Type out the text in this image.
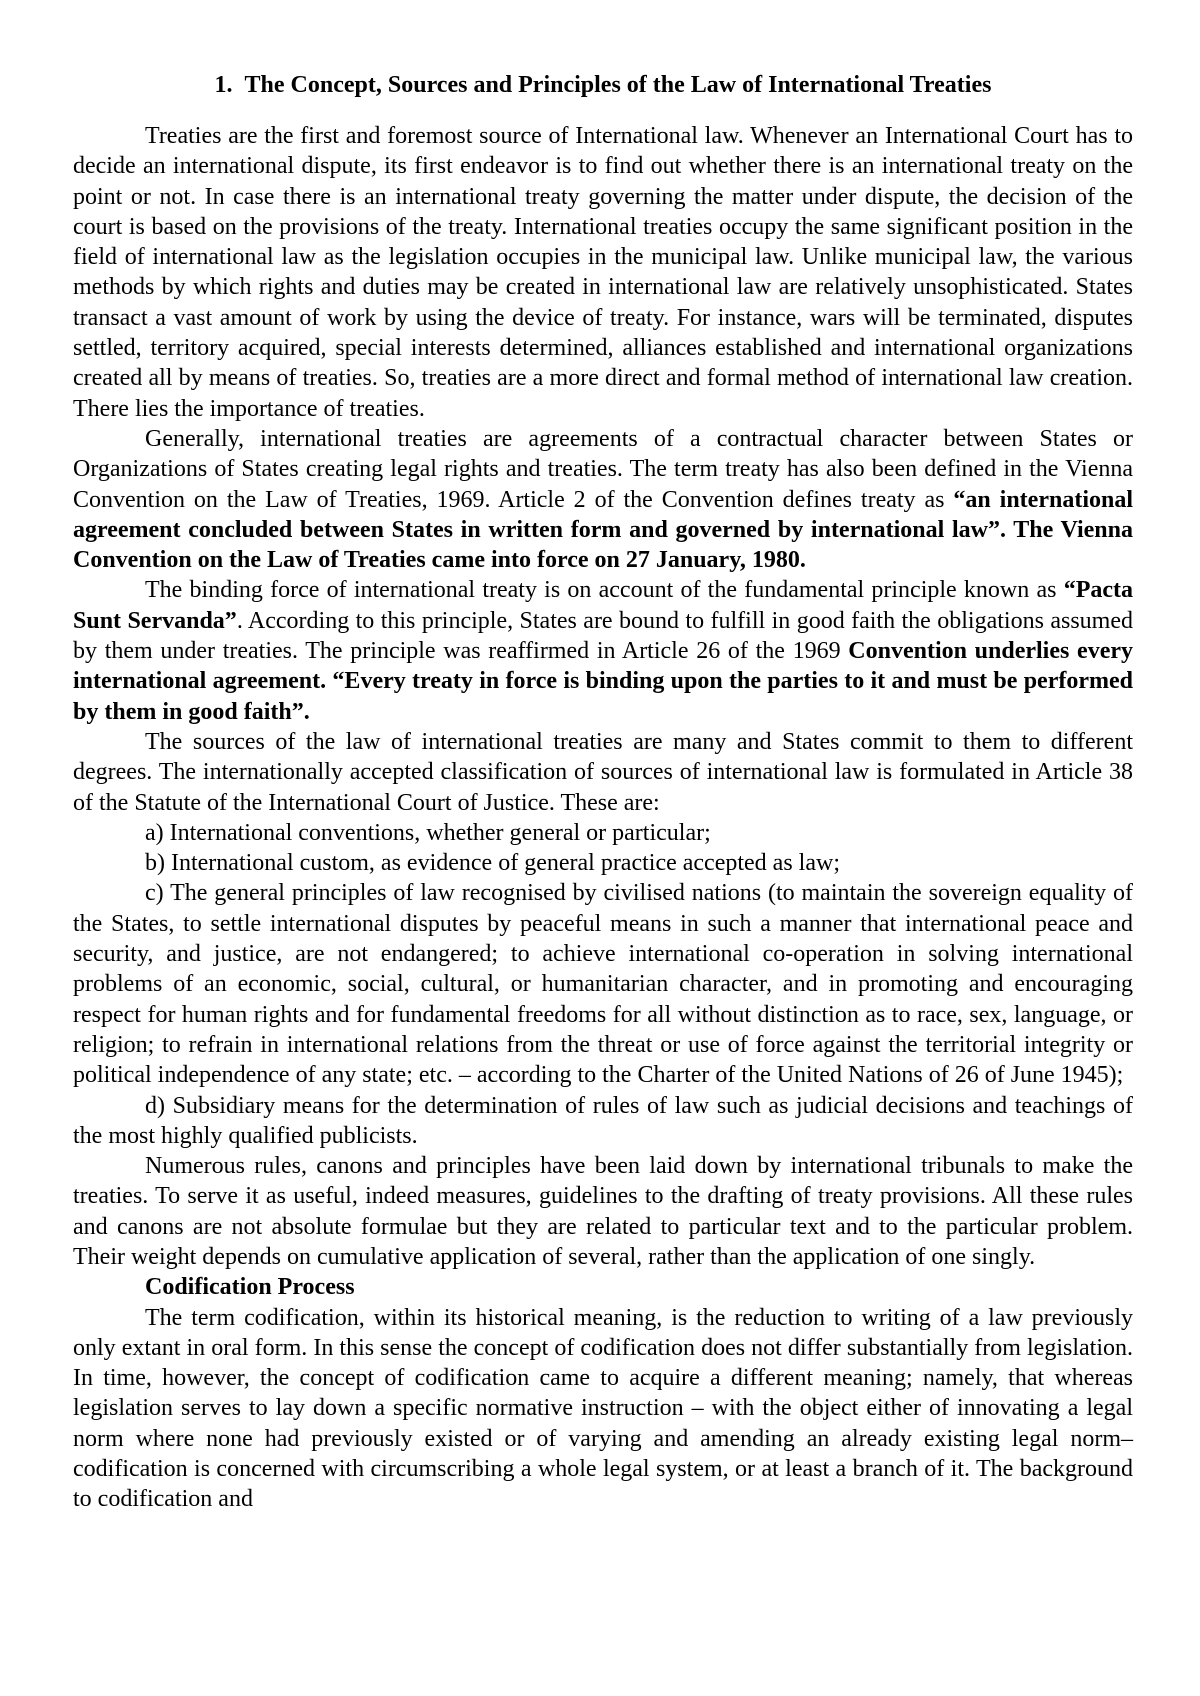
1. The Concept, Sources and Principles of the Law of International Treaties

Treaties are the first and foremost source of International law. Whenever an International Court has to decide an international dispute, its first endeavor is to find out whether there is an international treaty on the point or not. In case there is an international treaty governing the matter under dispute, the decision of the court is based on the provisions of the treaty. International treaties occupy the same significant position in the field of international law as the legislation occupies in the municipal law. Unlike municipal law, the various methods by which rights and duties may be created in international law are relatively unsophisticated. States transact a vast amount of work by using the device of treaty. For instance, wars will be terminated, disputes settled, territory acquired, special interests determined, alliances established and international organizations created all by means of treaties. So, treaties are a more direct and formal method of international law creation. There lies the importance of treaties.

Generally, international treaties are agreements of a contractual character between States or Organizations of States creating legal rights and treaties. The term treaty has also been defined in the Vienna Convention on the Law of Treaties, 1969. Article 2 of the Convention defines treaty as “an international agreement concluded between States in written form and governed by international law”. The Vienna Convention on the Law of Treaties came into force on 27 January, 1980.

The binding force of international treaty is on account of the fundamental principle known as “Pacta Sunt Servanda”. According to this principle, States are bound to fulfill in good faith the obligations assumed by them under treaties. The principle was reaffirmed in Article 26 of the 1969 Convention underlies every international agreement. “Every treaty in force is binding upon the parties to it and must be performed by them in good faith”.

The sources of the law of international treaties are many and States commit to them to different degrees. The internationally accepted classification of sources of international law is formulated in Article 38 of the Statute of the International Court of Justice. These are:

a) International conventions, whether general or particular;

b) International custom, as evidence of general practice accepted as law;

c) The general principles of law recognised by civilised nations (to maintain the sovereign equality of the States, to settle international disputes by peaceful means in such a manner that international peace and security, and justice, are not endangered; to achieve international co-operation in solving international problems of an economic, social, cultural, or humanitarian character, and in promoting and encouraging respect for human rights and for fundamental freedoms for all without distinction as to race, sex, language, or religion; to refrain in international relations from the threat or use of force against the territorial integrity or political independence of any state; etc. – according to the Charter of the United Nations of 26 of June 1945);

d) Subsidiary means for the determination of rules of law such as judicial decisions and teachings of the most highly qualified publicists.

Numerous rules, canons and principles have been laid down by international tribunals to make the treaties. To serve it as useful, indeed measures, guidelines to the drafting of treaty provisions. All these rules and canons are not absolute formulae but they are related to particular text and to the particular problem. Their weight depends on cumulative application of several, rather than the application of one singly.

Codification Process

The term codification, within its historical meaning, is the reduction to writing of a law previously only extant in oral form. In this sense the concept of codification does not differ substantially from legislation. In time, however, the concept of codification came to acquire a different meaning; namely, that whereas legislation serves to lay down a specific normative instruction – with the object either of innovating a legal norm where none had previously existed or of varying and amending an already existing legal norm– codification is concerned with circumscribing a whole legal system, or at least a branch of it. The background to codification and
